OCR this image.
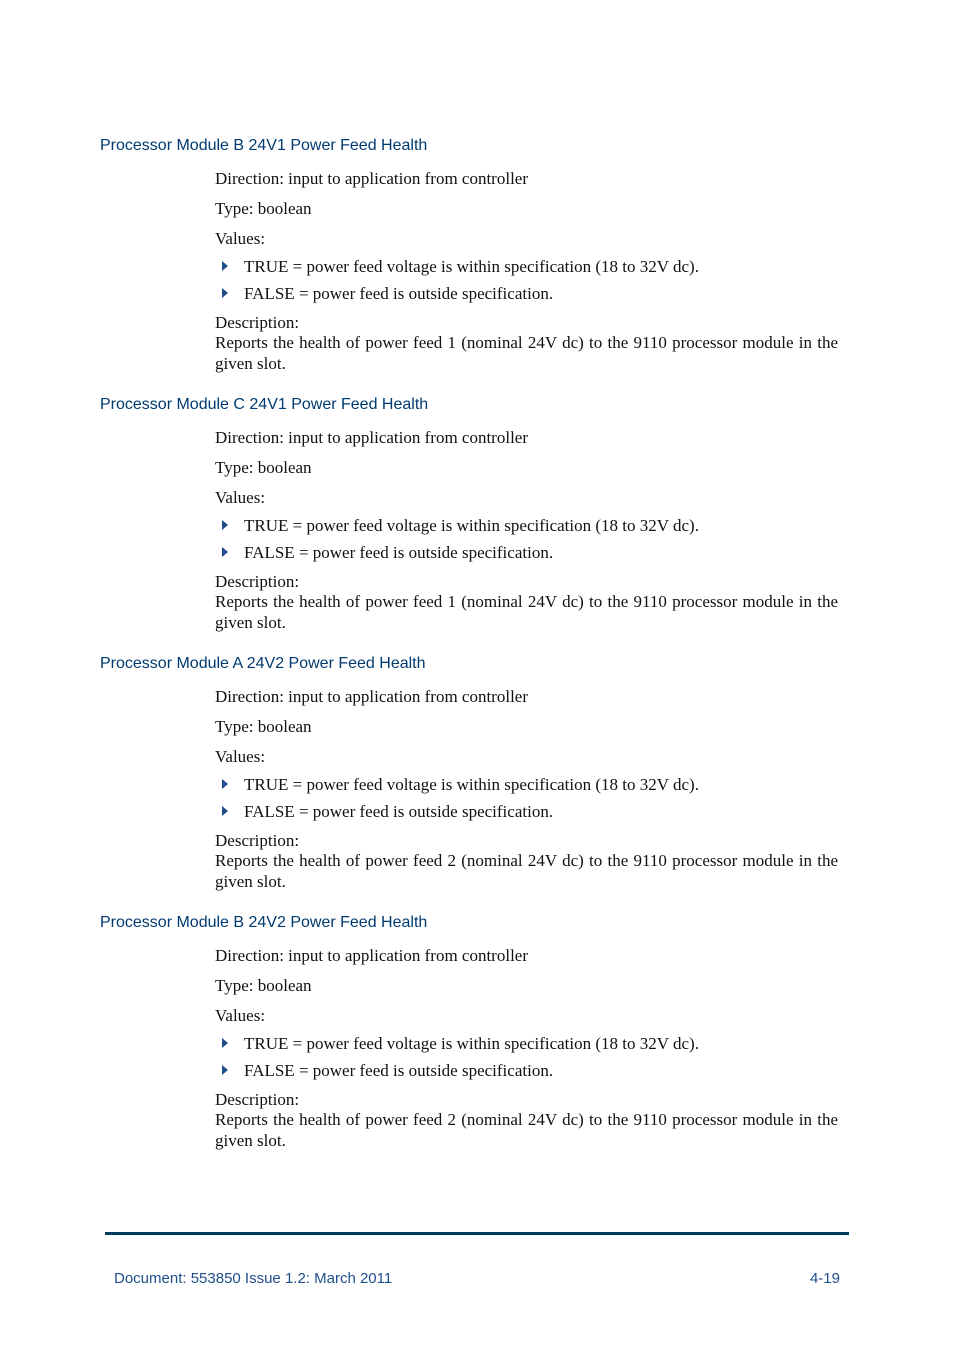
Processor Module B 24V1 Power Feed Health

Direction: input to application from controller

Type: boolean

Values:

TRUE = power feed voltage is within specification (18 to 32V dc).
FALSE = power feed is outside specification.

Description:

Reports the health of power feed 1 (nominal 24V dc) to the 9110 processor module in the given slot.

Processor Module C 24V1 Power Feed Health

Direction: input to application from controller

Type: boolean

Values:

TRUE = power feed voltage is within specification (18 to 32V dc).
FALSE = power feed is outside specification.

Description:

Reports the health of power feed 1 (nominal 24V dc) to the 9110 processor module in the given slot.

Processor Module A 24V2 Power Feed Health

Direction: input to application from controller

Type: boolean

Values:

TRUE = power feed voltage is within specification (18 to 32V dc).
FALSE = power feed is outside specification.

Description:

Reports the health of power feed 2 (nominal 24V dc) to the 9110 processor module in the given slot.

Processor Module B 24V2 Power Feed Health

Direction: input to application from controller

Type: boolean

Values:

TRUE = power feed voltage is within specification (18 to 32V dc).
FALSE = power feed is outside specification.

Description:

Reports the health of power feed 2 (nominal 24V dc) to the 9110 processor module in the given slot.

Document: 553850 Issue 1.2: March 2011	4-19
